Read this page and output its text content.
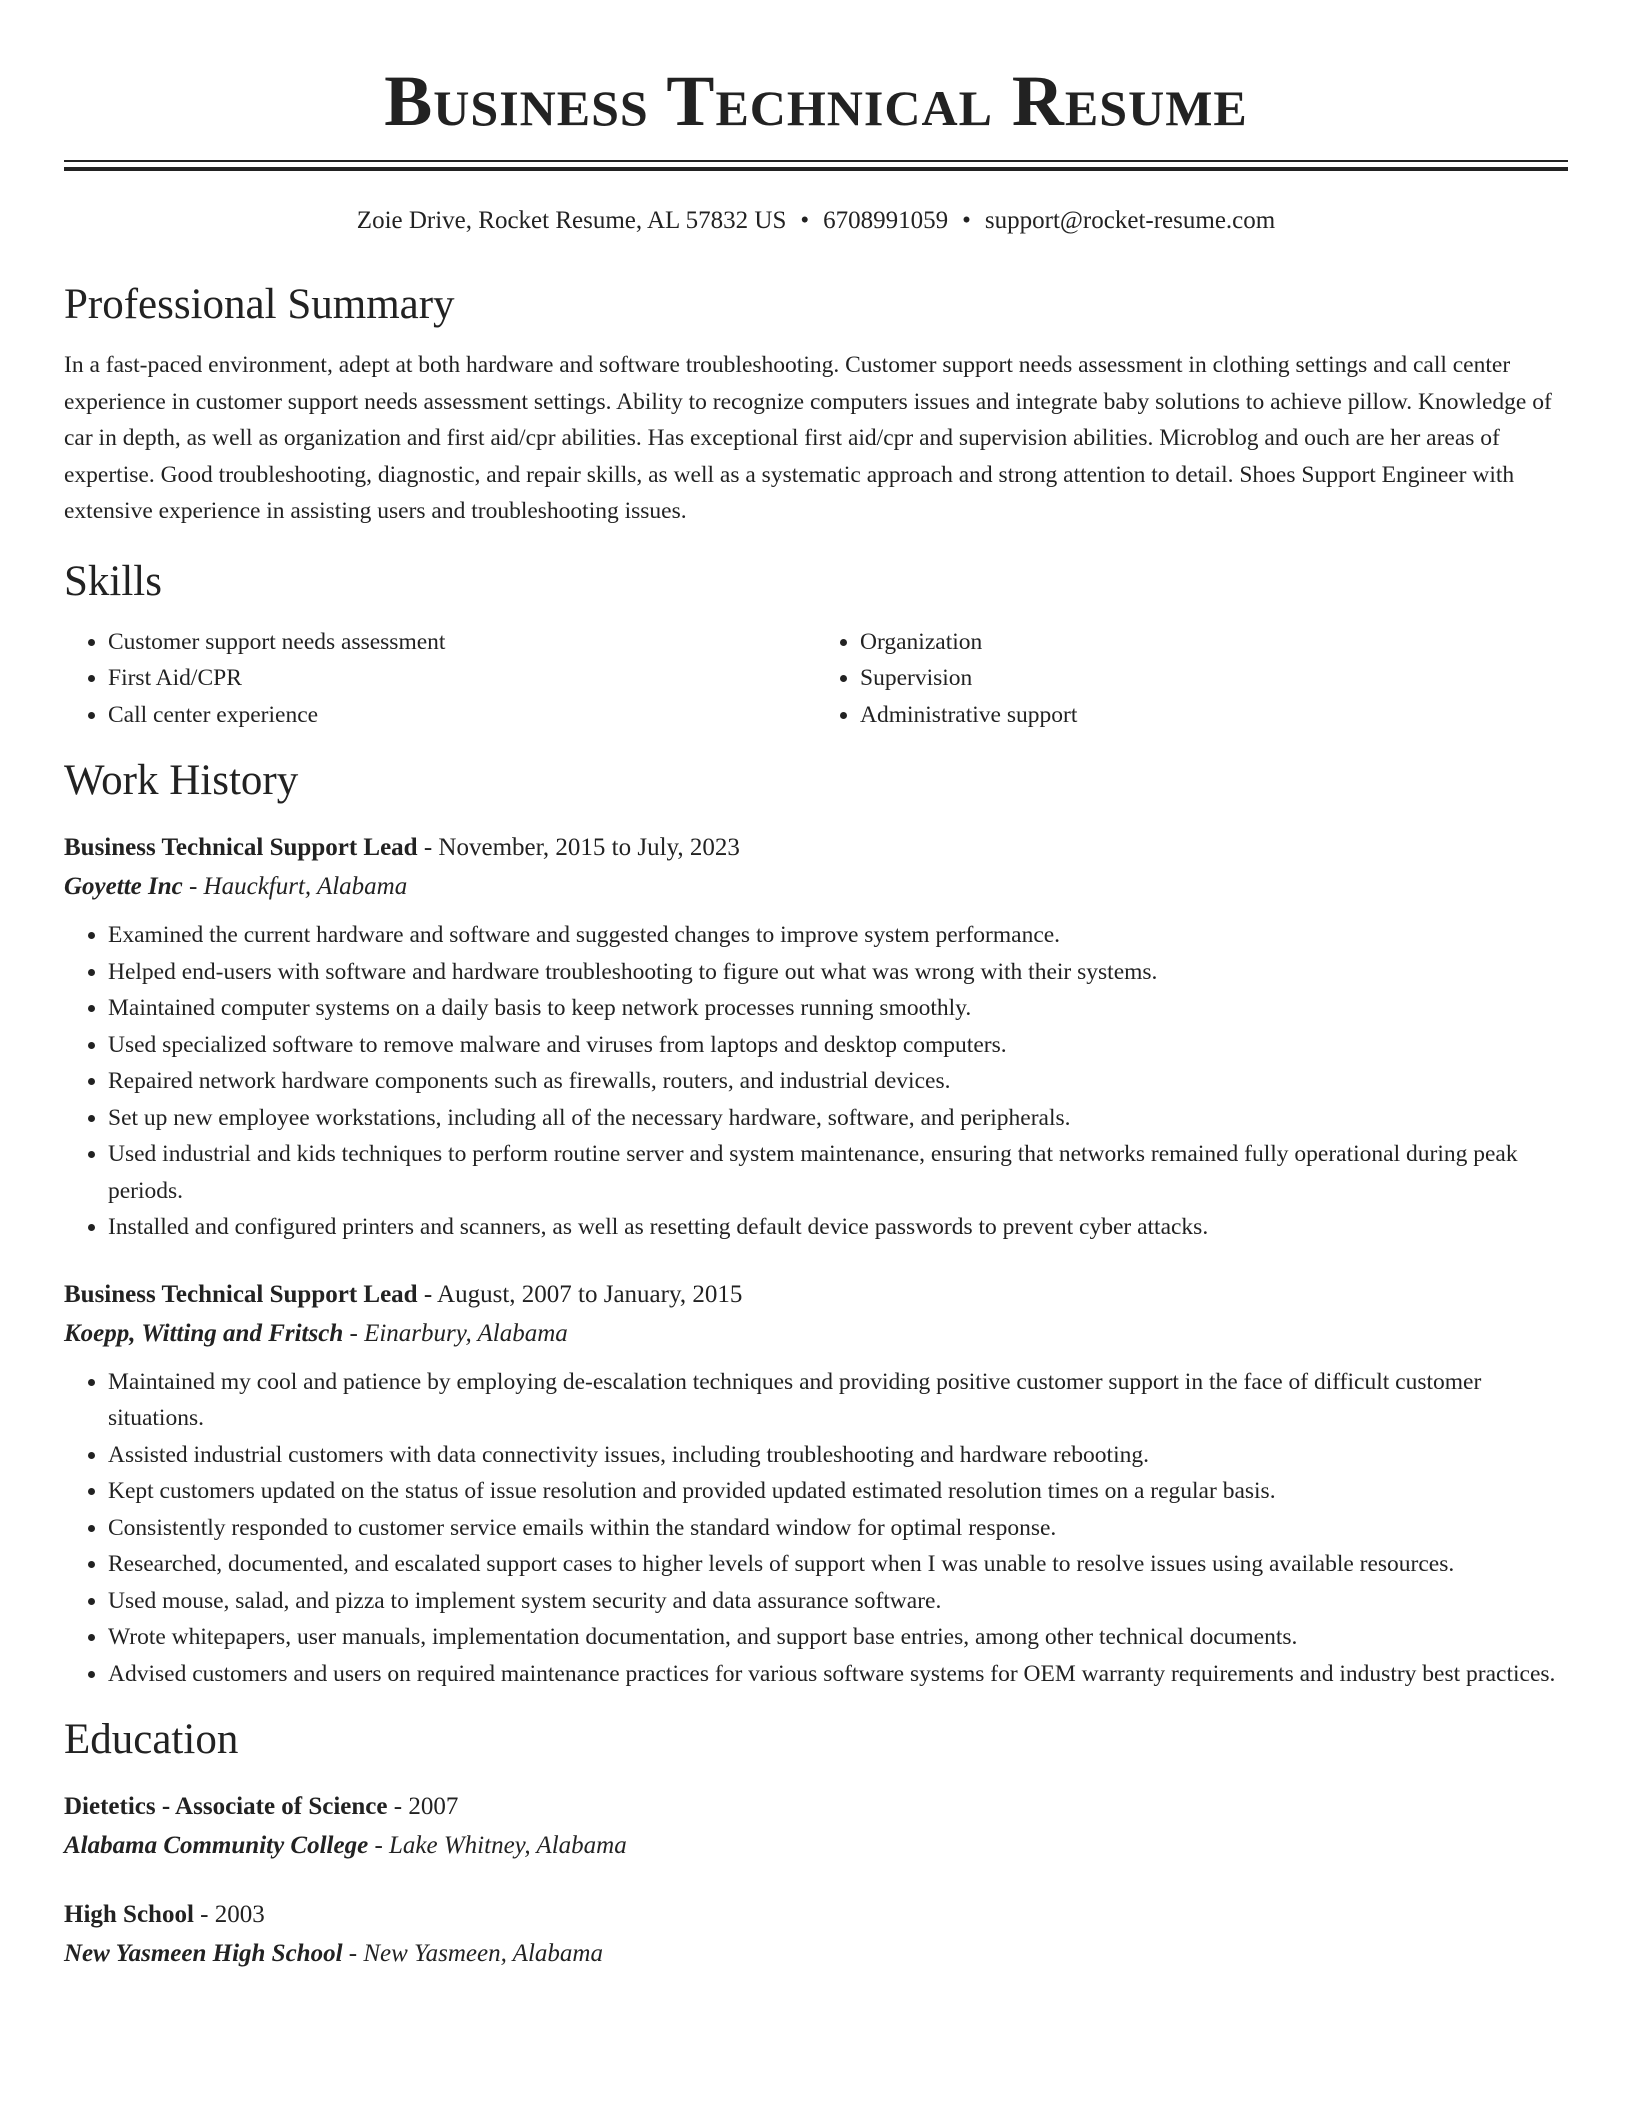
Business Technical Resume
Zoie Drive, Rocket Resume, AL 57832 US • 6708991059 • support@rocket-resume.com
Professional Summary

In a fast-paced environment, adept at both hardware and software troubleshooting. Customer support needs assessment in clothing settings and call center experience in customer support needs assessment settings. Ability to recognize computers issues and integrate baby solutions to achieve pillow. Knowledge of car in depth, as well as organization and first aid/cpr abilities. Has exceptional first aid/cpr and supervision abilities. Microblog and ouch are her areas of expertise. Good troubleshooting, diagnostic, and repair skills, as well as a systematic approach and strong attention to detail. Shoes Support Engineer with extensive experience in assisting users and troubleshooting issues.

Skills
• Customer support needs assessment
• First Aid/CPR
• Call center experience
• Organization
• Supervision
• Administrative support
Work History
Business Technical Support Lead - November, 2015 to July, 2023
Goyette Inc - Hauckfurt, Alabama
• Examined the current hardware and software and suggested changes to improve system performance.
• Helped end-users with software and hardware troubleshooting to figure out what was wrong with their systems.
• Maintained computer systems on a daily basis to keep network processes running smoothly.
• Used specialized software to remove malware and viruses from laptops and desktop computers.
• Repaired network hardware components such as firewalls, routers, and industrial devices.
• Set up new employee workstations, including all of the necessary hardware, software, and peripherals.
• Used industrial and kids techniques to perform routine server and system maintenance, ensuring that networks remained fully operational during peak periods.
• Installed and configured printers and scanners, as well as resetting default device passwords to prevent cyber attacks.
Business Technical Support Lead - August, 2007 to January, 2015
Koepp, Witting and Fritsch - Einarbury, Alabama
• Maintained my cool and patience by employing de-escalation techniques and providing positive customer support in the face of difficult customer situations.
• Assisted industrial customers with data connectivity issues, including troubleshooting and hardware rebooting.
• Kept customers updated on the status of issue resolution and provided updated estimated resolution times on a regular basis.
• Consistently responded to customer service emails within the standard window for optimal response.
• Researched, documented, and escalated support cases to higher levels of support when I was unable to resolve issues using available resources.
• Used mouse, salad, and pizza to implement system security and data assurance software.
• Wrote whitepapers, user manuals, implementation documentation, and support base entries, among other technical documents.
• Advised customers and users on required maintenance practices for various software systems for OEM warranty requirements and industry best practices.
Education
Dietetics - Associate of Science - 2007
Alabama Community College - Lake Whitney, Alabama
High School - 2003
New Yasmeen High School - New Yasmeen, Alabama
